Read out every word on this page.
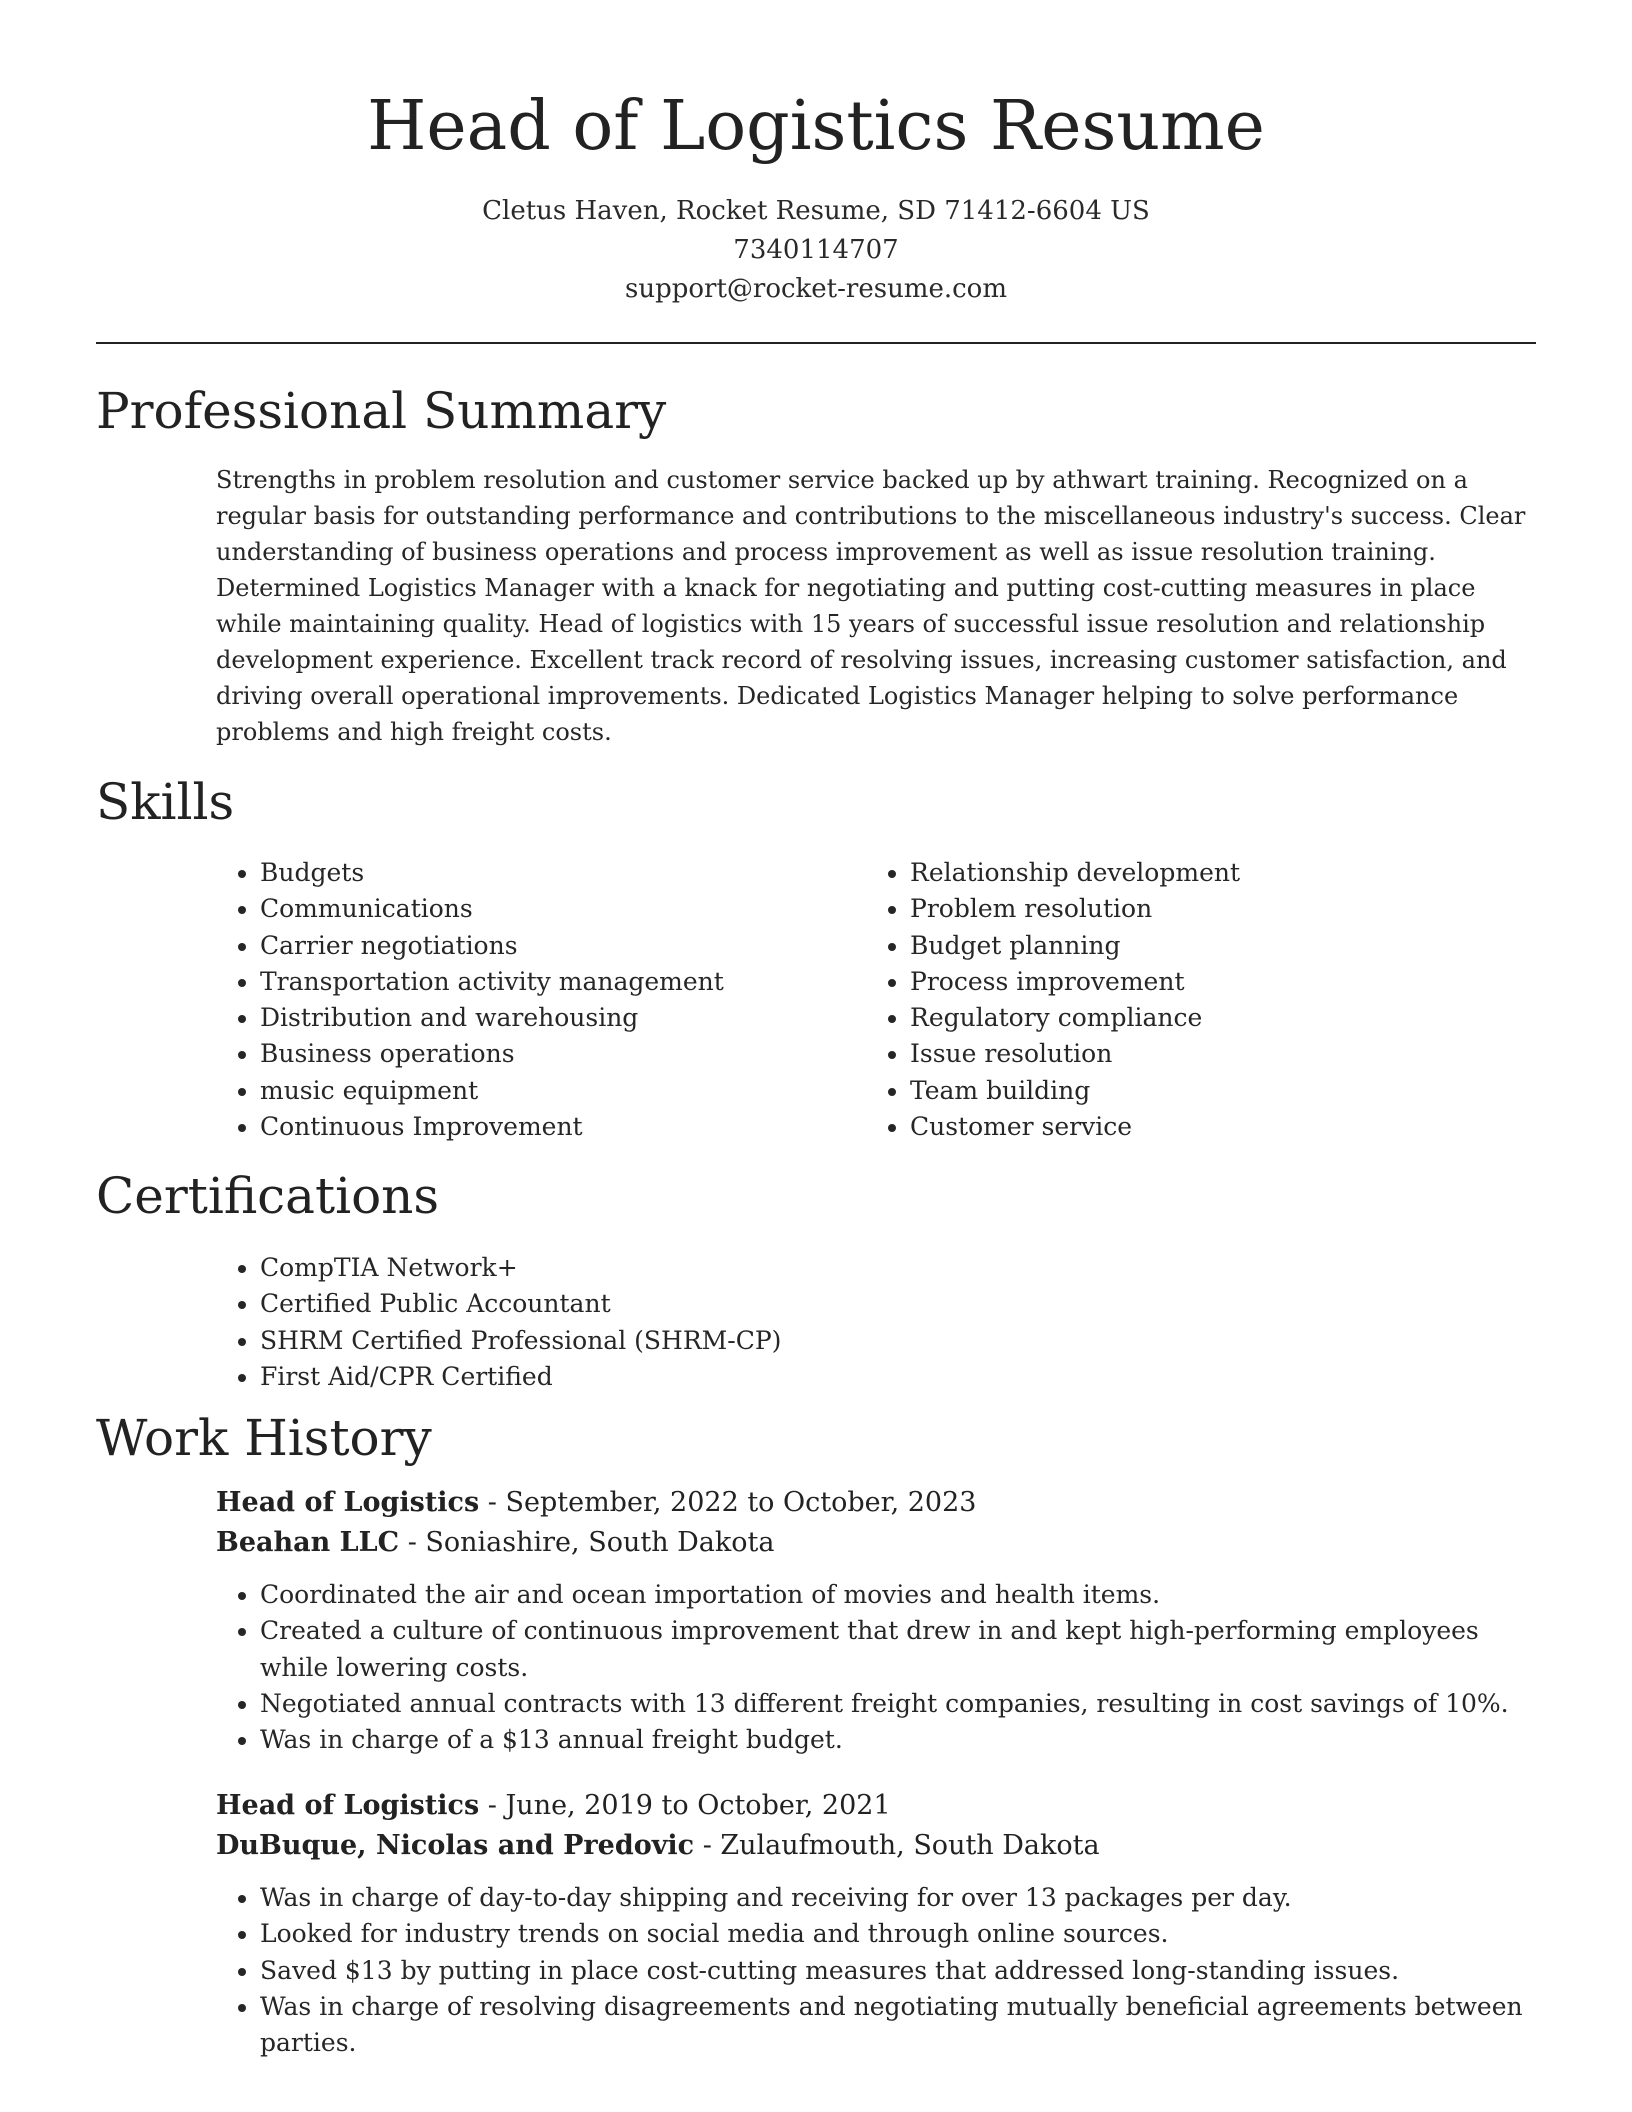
Head of Logistics Resume
Cletus Haven, Rocket Resume, SD 71412-6604 US
7340114707
support@rocket-resume.com
Professional Summary

Strengths in problem resolution and customer service backed up by athwart training. Recognized on a regular basis for outstanding performance and contributions to the miscellaneous industry's success. Clear understanding of business operations and process improvement as well as issue resolution training. Determined Logistics Manager with a knack for negotiating and putting cost-cutting measures in place while maintaining quality. Head of logistics with 15 years of successful issue resolution and relationship development experience. Excellent track record of resolving issues, increasing customer satisfaction, and driving overall operational improvements. Dedicated Logistics Manager helping to solve performance problems and high freight costs.

Skills
• Budgets
• Communications
• Carrier negotiations
• Transportation activity management
• Distribution and warehousing
• Business operations
• music equipment
• Continuous Improvement
• Relationship development
• Problem resolution
• Budget planning
• Process improvement
• Regulatory compliance
• Issue resolution
• Team building
• Customer service
Certifications
• CompTIA Network+
• Certified Public Accountant
• SHRM Certified Professional (SHRM-CP)
• First Aid/CPR Certified
Work History
Head of Logistics - September, 2022 to October, 2023
Beahan LLC - Soniashire, South Dakota
• Coordinated the air and ocean importation of movies and health items.
• Created a culture of continuous improvement that drew in and kept high-performing employees while lowering costs.
• Negotiated annual contracts with 13 different freight companies, resulting in cost savings of 10%.
• Was in charge of a $13 annual freight budget.
Head of Logistics - June, 2019 to October, 2021
DuBuque, Nicolas and Predovic - Zulaufmouth, South Dakota
• Was in charge of day-to-day shipping and receiving for over 13 packages per day.
• Looked for industry trends on social media and through online sources.
• Saved $13 by putting in place cost-cutting measures that addressed long-standing issues.
• Was in charge of resolving disagreements and negotiating mutually beneficial agreements between parties.
